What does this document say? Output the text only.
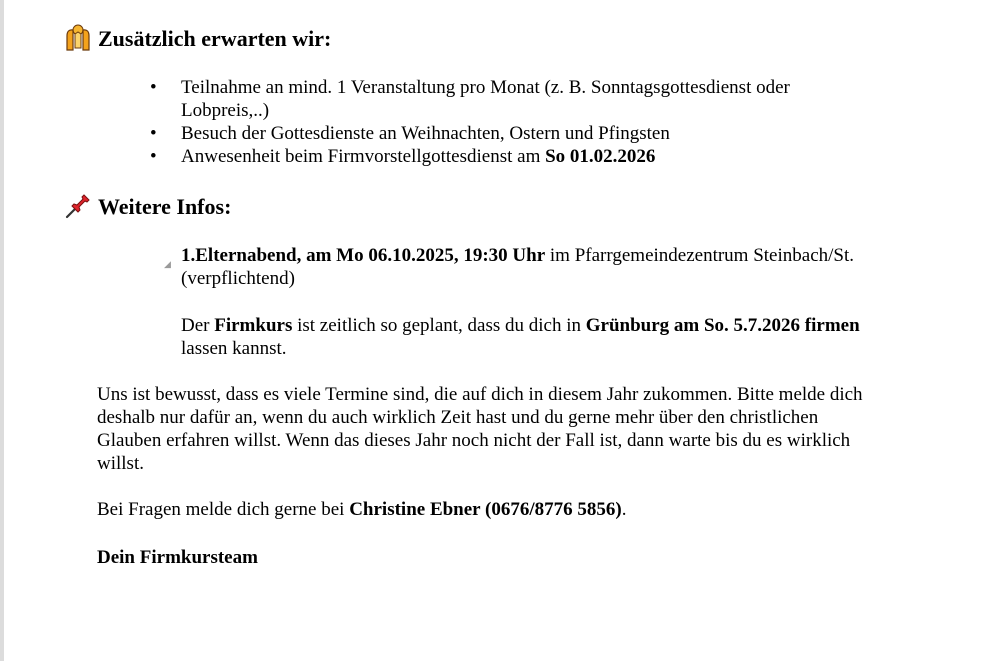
Zusätzlich erwarten wir:
• Teilnahme an mind. 1 Veranstaltung pro Monat (z. B. Sonntagsgottesdienst oder Lobpreis,..)
• Besuch der Gottesdienste an Weihnachten, Ostern und Pfingsten
• Anwesenheit beim Firmvorstellgottesdienst am So 01.02.2026
Weitere Infos:
◢ 1.Elternabend, am Mo 06.10.2025, 19:30 Uhr im Pfarrgemeindezentrum Steinbach/St. (verpflichtend)
Der Firmkurs ist zeitlich so geplant, dass du dich in Grünburg am So. 5.7.2026 firmen lassen kannst.
Uns ist bewusst, dass es viele Termine sind, die auf dich in diesem Jahr zukommen. Bitte melde dich deshalb nur dafür an, wenn du auch wirklich Zeit hast und du gerne mehr über den christlichen Glauben erfahren willst. Wenn das dieses Jahr noch nicht der Fall ist, dann warte bis du es wirklich willst.
Bei Fragen melde dich gerne bei Christine Ebner (0676/8776 5856).
Dein Firmkursteam
